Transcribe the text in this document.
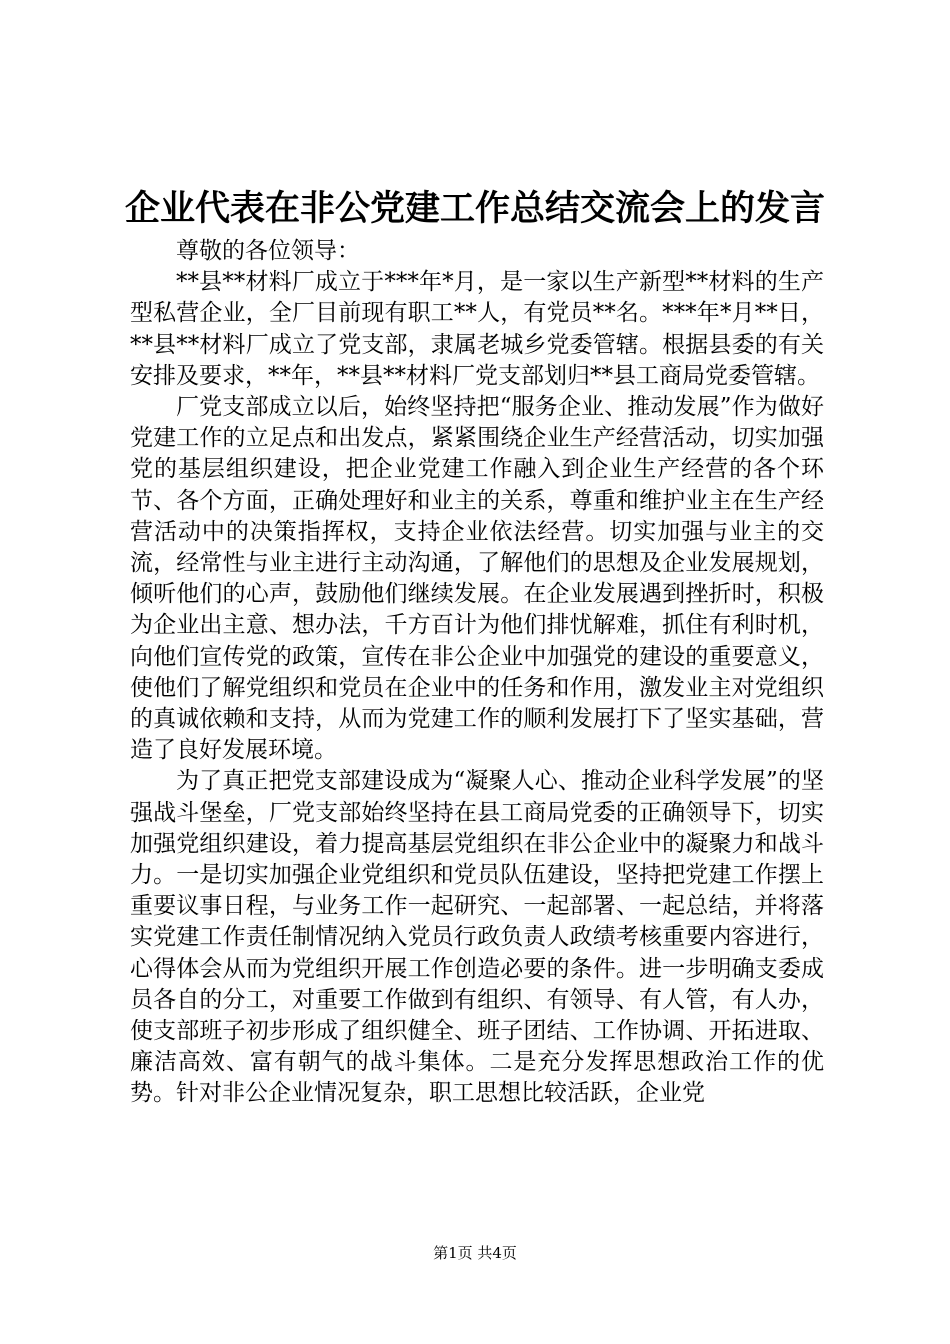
企业代表在非公党建工作总结交流会上的发言

尊敬的各位领导：

**县**材料厂成立于***年*月，是一家以生产新型**材料的生产型私营企业，全厂目前现有职工**人，有党员**名。***年*月**日，**县**材料厂成立了党支部，隶属老城乡党委管辖。根据县委的有关安排及要求，**年，**县**材料厂党支部划归**县工商局党委管辖。

厂党支部成立以后，始终坚持把“服务企业、推动发展”作为做好党建工作的立足点和出发点，紧紧围绕企业生产经营活动，切实加强党的基层组织建设，把企业党建工作融入到企业生产经营的各个环节、各个方面，正确处理好和业主的关系，尊重和维护业主在生产经营活动中的决策指挥权，支持企业依法经营。切实加强与业主的交流，经常性与业主进行主动沟通，了解他们的思想及企业发展规划，倾听他们的心声，鼓励他们继续发展。在企业发展遇到挫折时，积极为企业出主意、想办法，千方百计为他们排忧解难，抓住有利时机，向他们宣传党的政策，宣传在非公企业中加强党的建设的重要意义，使他们了解党组织和党员在企业中的任务和作用，激发业主对党组织的真诚依赖和支持，从而为党建工作的顺利发展打下了坚实基础，营造了良好发展环境。

为了真正把党支部建设成为“凝聚人心、推动企业科学发展”的坚强战斗堡垒，厂党支部始终坚持在县工商局党委的正确领导下，切实加强党组织建设，着力提高基层党组织在非公企业中的凝聚力和战斗力。一是切实加强企业党组织和党员队伍建设，坚持把党建工作摆上重要议事日程，与业务工作一起研究、一起部署、一起总结，并将落实党建工作责任制情况纳入党员行政负责人政绩考核重要内容进行，心得体会从而为党组织开展工作创造必要的条件。进一步明确支委成员各自的分工，对重要工作做到有组织、有领导、有人管，有人办，使支部班子初步形成了组织健全、班子团结、工作协调、开拓进取、廉洁高效、富有朝气的战斗集体。二是充分发挥思想政治工作的优势。针对非公企业情况复杂，职工思想比较活跃，企业党

第1页 共4页
